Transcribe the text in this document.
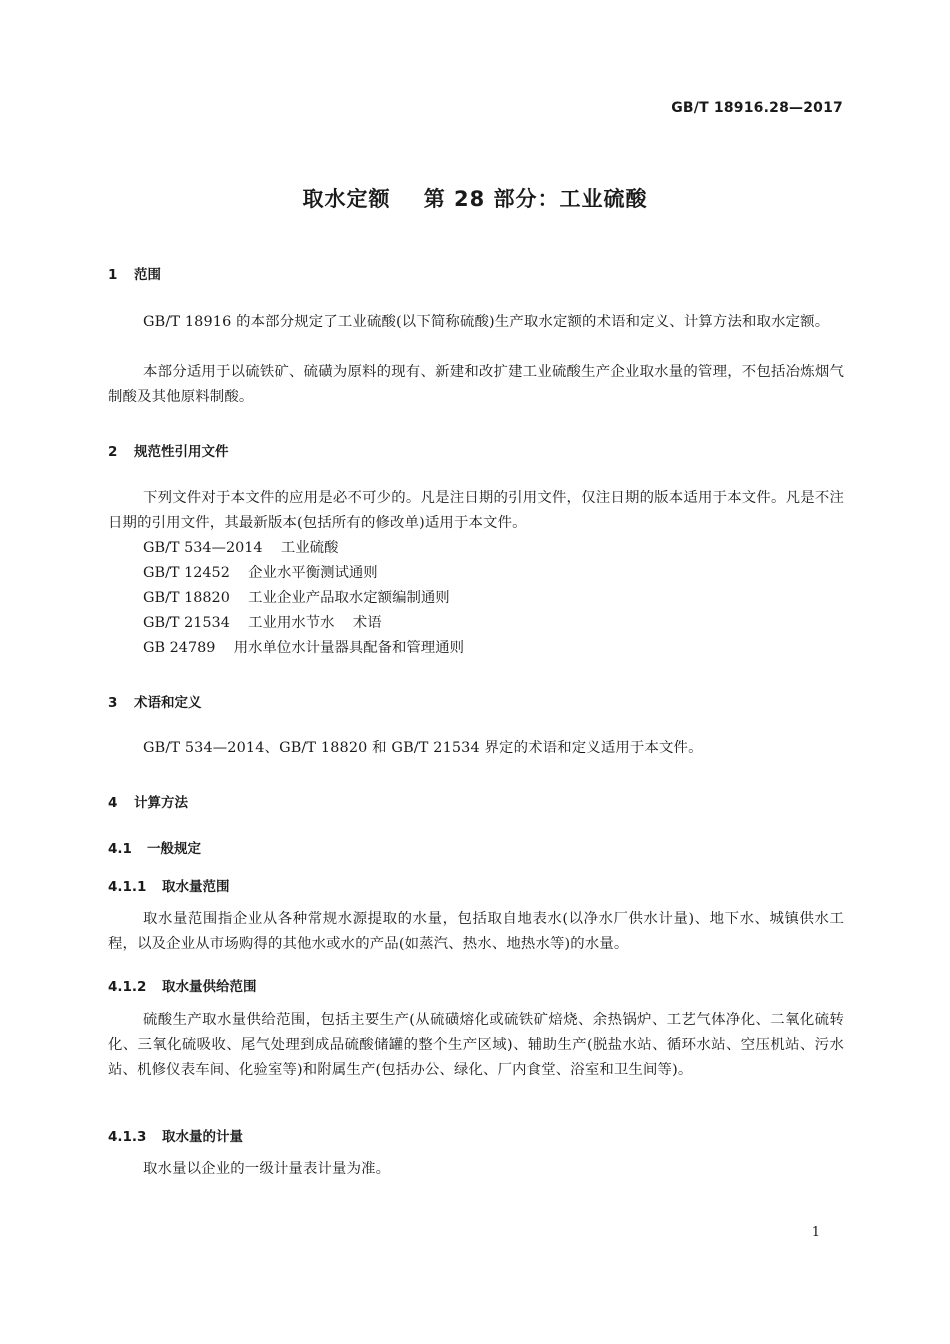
GB/T 18916.28—2017
取水定额    第 28 部分：工业硫酸
1 范围
GB/T 18916 的本部分规定了工业硫酸(以下简称硫酸)生产取水定额的术语和定义、计算方法和取水定额。
本部分适用于以硫铁矿、硫磺为原料的现有、新建和改扩建工业硫酸生产企业取水量的管理，不包括冶炼烟气制酸及其他原料制酸。
2 规范性引用文件
下列文件对于本文件的应用是必不可少的。凡是注日期的引用文件，仅注日期的版本适用于本文件。凡是不注日期的引用文件，其最新版本(包括所有的修改单)适用于本文件。
GB/T 534—2014    工业硫酸
GB/T 12452    企业水平衡测试通则
GB/T 18820    工业企业产品取水定额编制通则
GB/T 21534    工业用水节水    术语
GB 24789    用水单位水计量器具配备和管理通则
3 术语和定义
GB/T 534—2014、GB/T 18820 和 GB/T 21534 界定的术语和定义适用于本文件。
4 计算方法
4.1 一般规定
4.1.1 取水量范围
取水量范围指企业从各种常规水源提取的水量，包括取自地表水(以净水厂供水计量)、地下水、城镇供水工程，以及企业从市场购得的其他水或水的产品(如蒸汽、热水、地热水等)的水量。
4.1.2 取水量供给范围
硫酸生产取水量供给范围，包括主要生产(从硫磺熔化或硫铁矿焙烧、余热锅炉、工艺气体净化、二氧化硫转化、三氧化硫吸收、尾气处理到成品硫酸储罐的整个生产区域)、辅助生产(脱盐水站、循环水站、空压机站、污水站、机修仪表车间、化验室等)和附属生产(包括办公、绿化、厂内食堂、浴室和卫生间等)。
4.1.3 取水量的计量
取水量以企业的一级计量表计量为准。
1
